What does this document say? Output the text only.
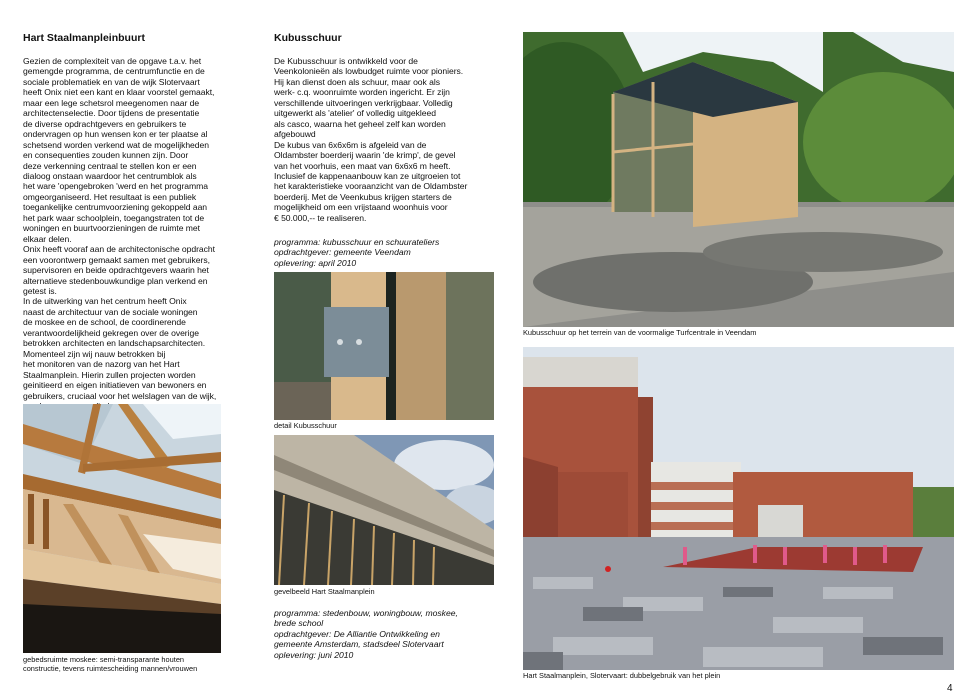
Hart Staalmanpleinbuurt

Gezien de complexiteit van de opgave t.a.v. het
gemengde programma, de centrumfunctie en de
sociale problematiek en van de wijk Slotervaart
heeft Onix niet een kant en klaar voorstel gemaakt,
maar een lege schetsrol meegenomen naar de
architectenselectie. Door tijdens de presentatie
de diverse opdrachtgevers en gebruikers te
ondervragen op hun wensen kon er ter plaatse al
schetsend worden verkend wat de mogelijkheden
en consequenties zouden kunnen zijn. Door
deze verkenning centraal te stellen kon er een
dialoog onstaan waardoor het centrumblok als
het ware 'opengebroken 'werd en het programma
omgeorganiseerd. Het resultaat is een publiek
toegankelijke centrumvoorziening gekoppeld aan
het park waar schoolplein, toegangstraten tot de
woningen en buurtvoorzieningen de ruimte met
elkaar delen.
Onix heeft vooraf aan de architectonische opdracht
een voorontwerp gemaakt samen met gebruikers,
supervisoren en beide opdrachtgevers waarin het
alternatieve stedenbouwkundige plan verkend en
getest is.
In de uitwerking van het centrum heeft Onix
naast de architectuur van de sociale woningen
de moskee en de school, de coordinerende
verantwoordelijkheid gekregen over de overige
betrokken architecten en landschapsarchitecten.
Momenteel zijn wij nauw betrokken bij
het monitoren van de nazorg van het Hart
Staalmanplein. Hierin zullen projecten worden
geinitieerd en eigen initiatieven van bewoners en
gebruikers, cruciaal voor het welslagen van de wijk,

gebedsruimte moskee: semi-transparante houten
constructie, tevens ruimtescheiding mannen/vrouwen
Kubusschuur

De Kubusschuur is ontwikkeld voor de
Veenkolonieën als lowbudget ruimte voor pioniers.
Hij kan dienst doen als schuur, maar ook als
werk- c.q. woonruimte worden ingericht. Er zijn
verschillende uitvoeringen verkrijgbaar. Volledig
uitgewerkt als 'atelier' of volledig uitgekleed
als casco, waarna het geheel zelf kan worden
afgebouwd
De kubus van 6x6x6m is afgeleid van de
Oldambster boerderij waarin 'de krimp', de gevel
van het voorhuis, een maat van 6x6x6 m heeft.
Inclusief de kappenaanbouw kan ze uitgroeien tot
het karakteristieke vooraanzicht van de Oldambster
boerderij. Met de Veenkubus krijgen starters de
mogelijkheid om een vrijstaand woonhuis voor
€ 50.000,-- te realiseren.

programma: kubusschuur en schuurateliers
opdrachtgever: gemeente Veendam
oplevering: april 2010

detail Kubusschuur
gevelbeeld Hart Staalmanplein

programma: stedenbouw, woningbouw, moskee,
brede school
opdrachtgever: De Alliantie Ontwikkeling en
gemeente Amsterdam, stadsdeel Slotervaart
oplevering: juni 2010

Kubusschuur op het terrein van de voormalige Turfcentrale in Veendam
Hart Staalmanplein, Slotervaart: dubbelgebruik van het plein
4
